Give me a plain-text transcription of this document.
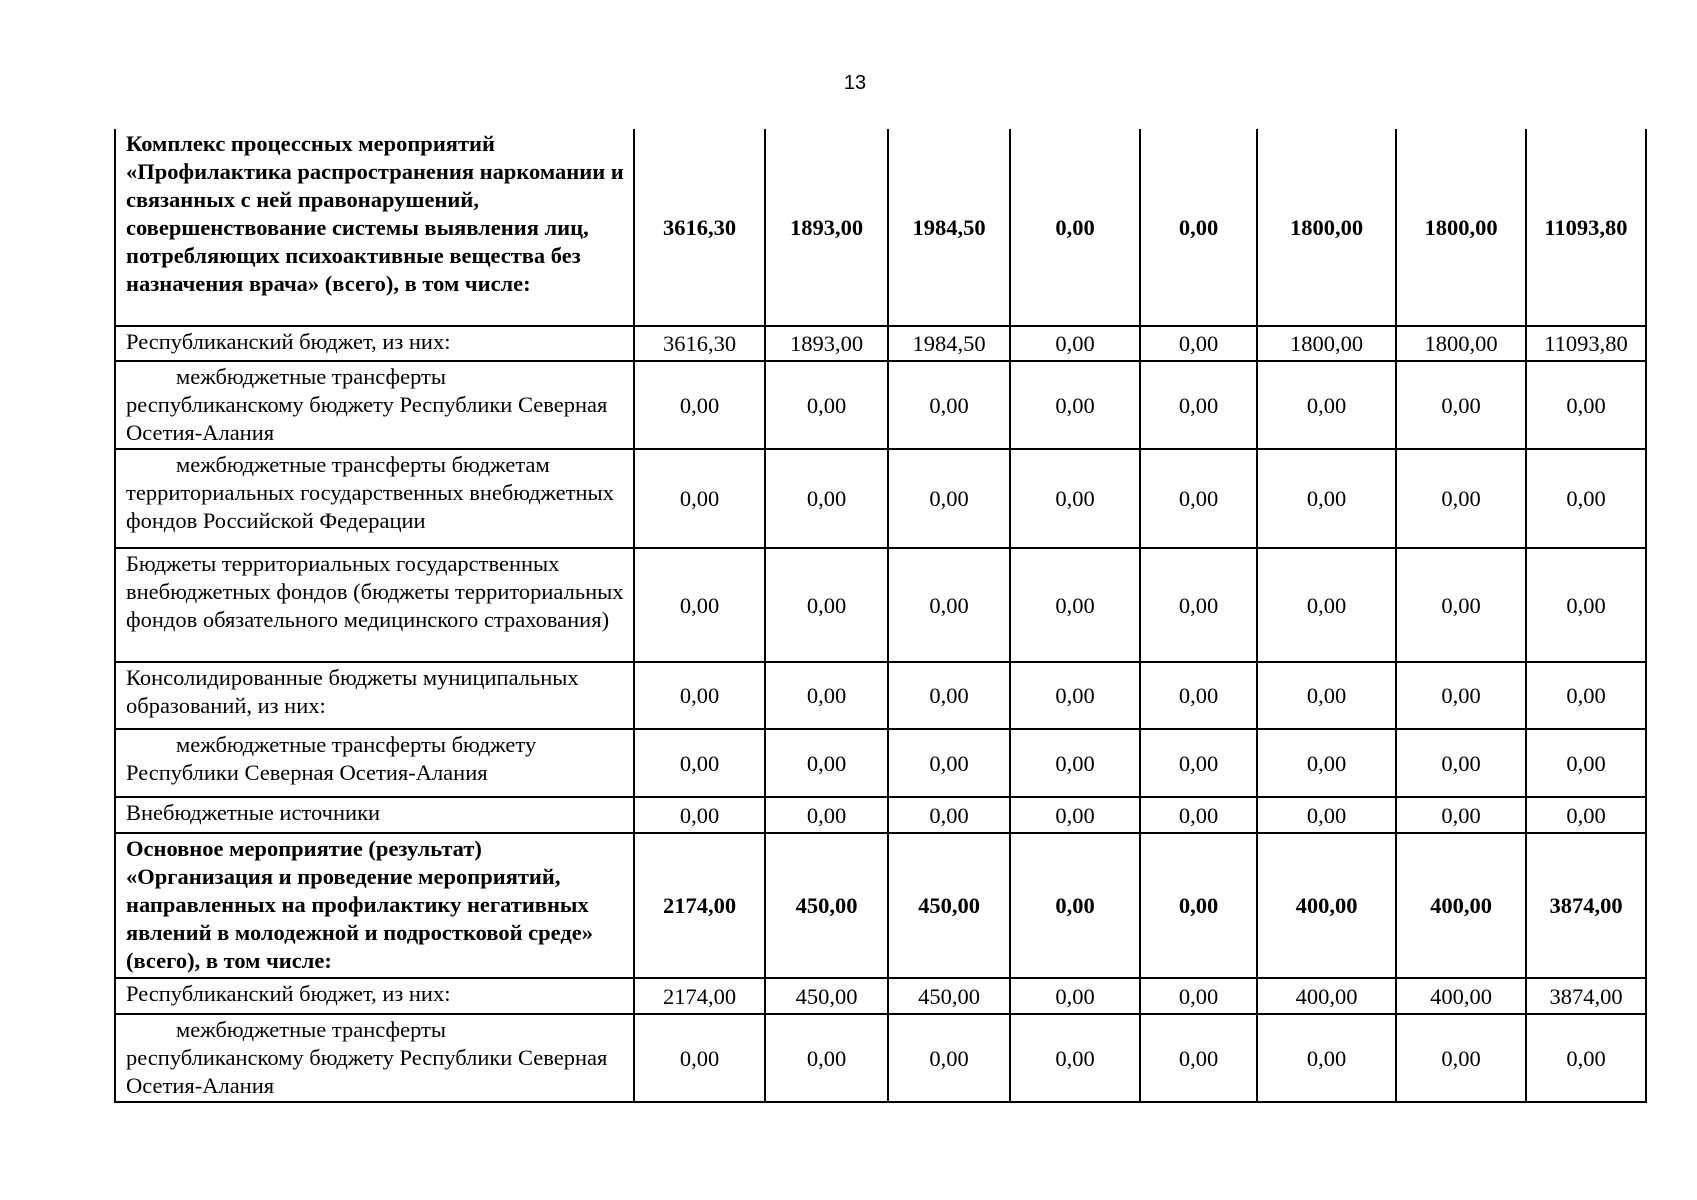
13
Комплекс процессных мероприятий «Профилактика распространения наркомании и связанных с ней правонарушений, совершенствование системы выявления лиц, потребляющих психоактивные вещества без назначения врача» (всего), в том числе:	3616,30	1893,00	1984,50	0,00	0,00	1800,00	1800,00	11093,80
Республиканский бюджет, из них:	3616,30	1893,00	1984,50	0,00	0,00	1800,00	1800,00	11093,80
межбюджетные трансферты республиканскому бюджету Республики Северная Осетия-Алания	0,00	0,00	0,00	0,00	0,00	0,00	0,00	0,00
межбюджетные трансферты бюджетам территориальных государственных внебюджетных фондов Российской Федерации	0,00	0,00	0,00	0,00	0,00	0,00	0,00	0,00
Бюджеты территориальных государственных внебюджетных фондов (бюджеты территориальных фондов обязательного медицинского страхования)	0,00	0,00	0,00	0,00	0,00	0,00	0,00	0,00
Консолидированные бюджеты муниципальных образований, из них:	0,00	0,00	0,00	0,00	0,00	0,00	0,00	0,00
межбюджетные трансферты бюджету Республики Северная Осетия-Алания	0,00	0,00	0,00	0,00	0,00	0,00	0,00	0,00
Внебюджетные источники	0,00	0,00	0,00	0,00	0,00	0,00	0,00	0,00
Основное мероприятие (результат) «Организация и проведение мероприятий, направленных на профилактику негативных явлений в молодежной и подростковой среде» (всего), в том числе:	2174,00	450,00	450,00	0,00	0,00	400,00	400,00	3874,00
Республиканский бюджет, из них:	2174,00	450,00	450,00	0,00	0,00	400,00	400,00	3874,00
межбюджетные трансферты республиканскому бюджету Республики Северная Осетия-Алания	0,00	0,00	0,00	0,00	0,00	0,00	0,00	0,00
